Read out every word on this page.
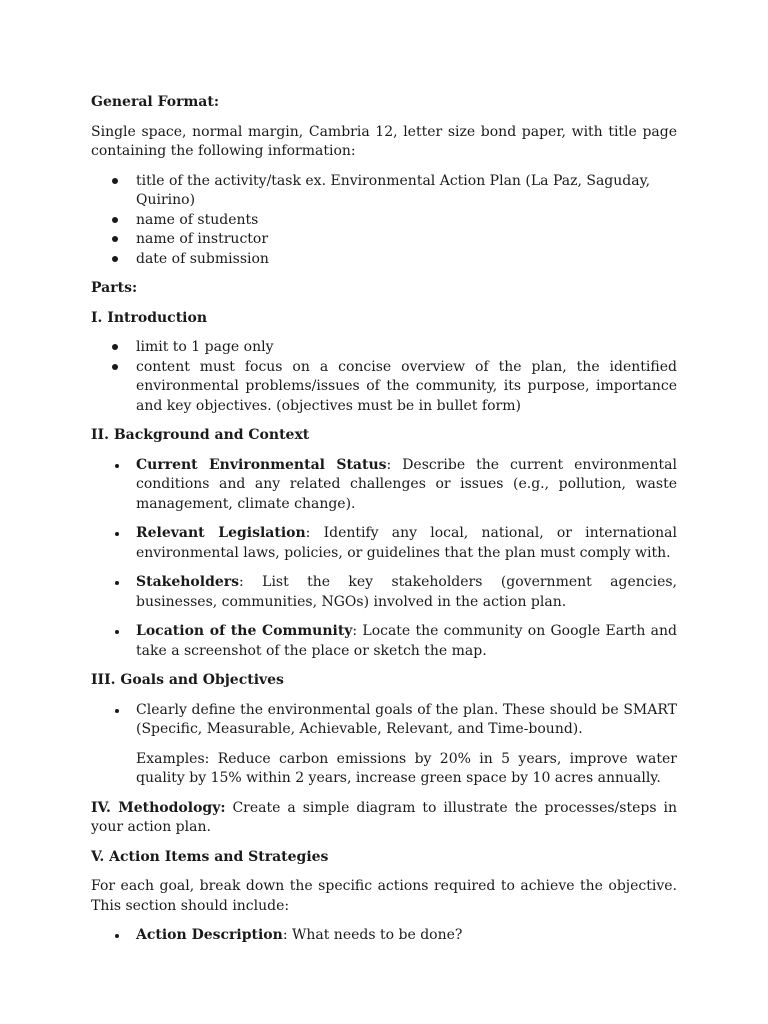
General Format:

Single space, normal margin, Cambria 12, letter size bond paper, with title page containing the following information:

title of the activity/task ex. Environmental Action Plan (La Paz, Saguday, Quirino)
name of students
name of instructor
date of submission

Parts:

I. Introduction

limit to 1 page only
content must focus on a concise overview of the plan, the identified environmental problems/issues of the community, its purpose, importance and key objectives. (objectives must be in bullet form)

II. Background and Context

Current Environmental Status: Describe the current environmental conditions and any related challenges or issues (e.g., pollution, waste management, climate change).
Relevant Legislation: Identify any local, national, or international environmental laws, policies, or guidelines that the plan must comply with.
Stakeholders: List the key stakeholders (government agencies, businesses, communities, NGOs) involved in the action plan.
Location of the Community: Locate the community on Google Earth and take a screenshot of the place or sketch the map.

III. Goals and Objectives

Clearly define the environmental goals of the plan. These should be SMART (Specific, Measurable, Achievable, Relevant, and Time-bound).

Examples: Reduce carbon emissions by 20% in 5 years, improve water quality by 15% within 2 years, increase green space by 10 acres annually.

IV. Methodology: Create a simple diagram to illustrate the processes/steps in your action plan.

V. Action Items and Strategies

For each goal, break down the specific actions required to achieve the objective. This section should include:

Action Description: What needs to be done?
